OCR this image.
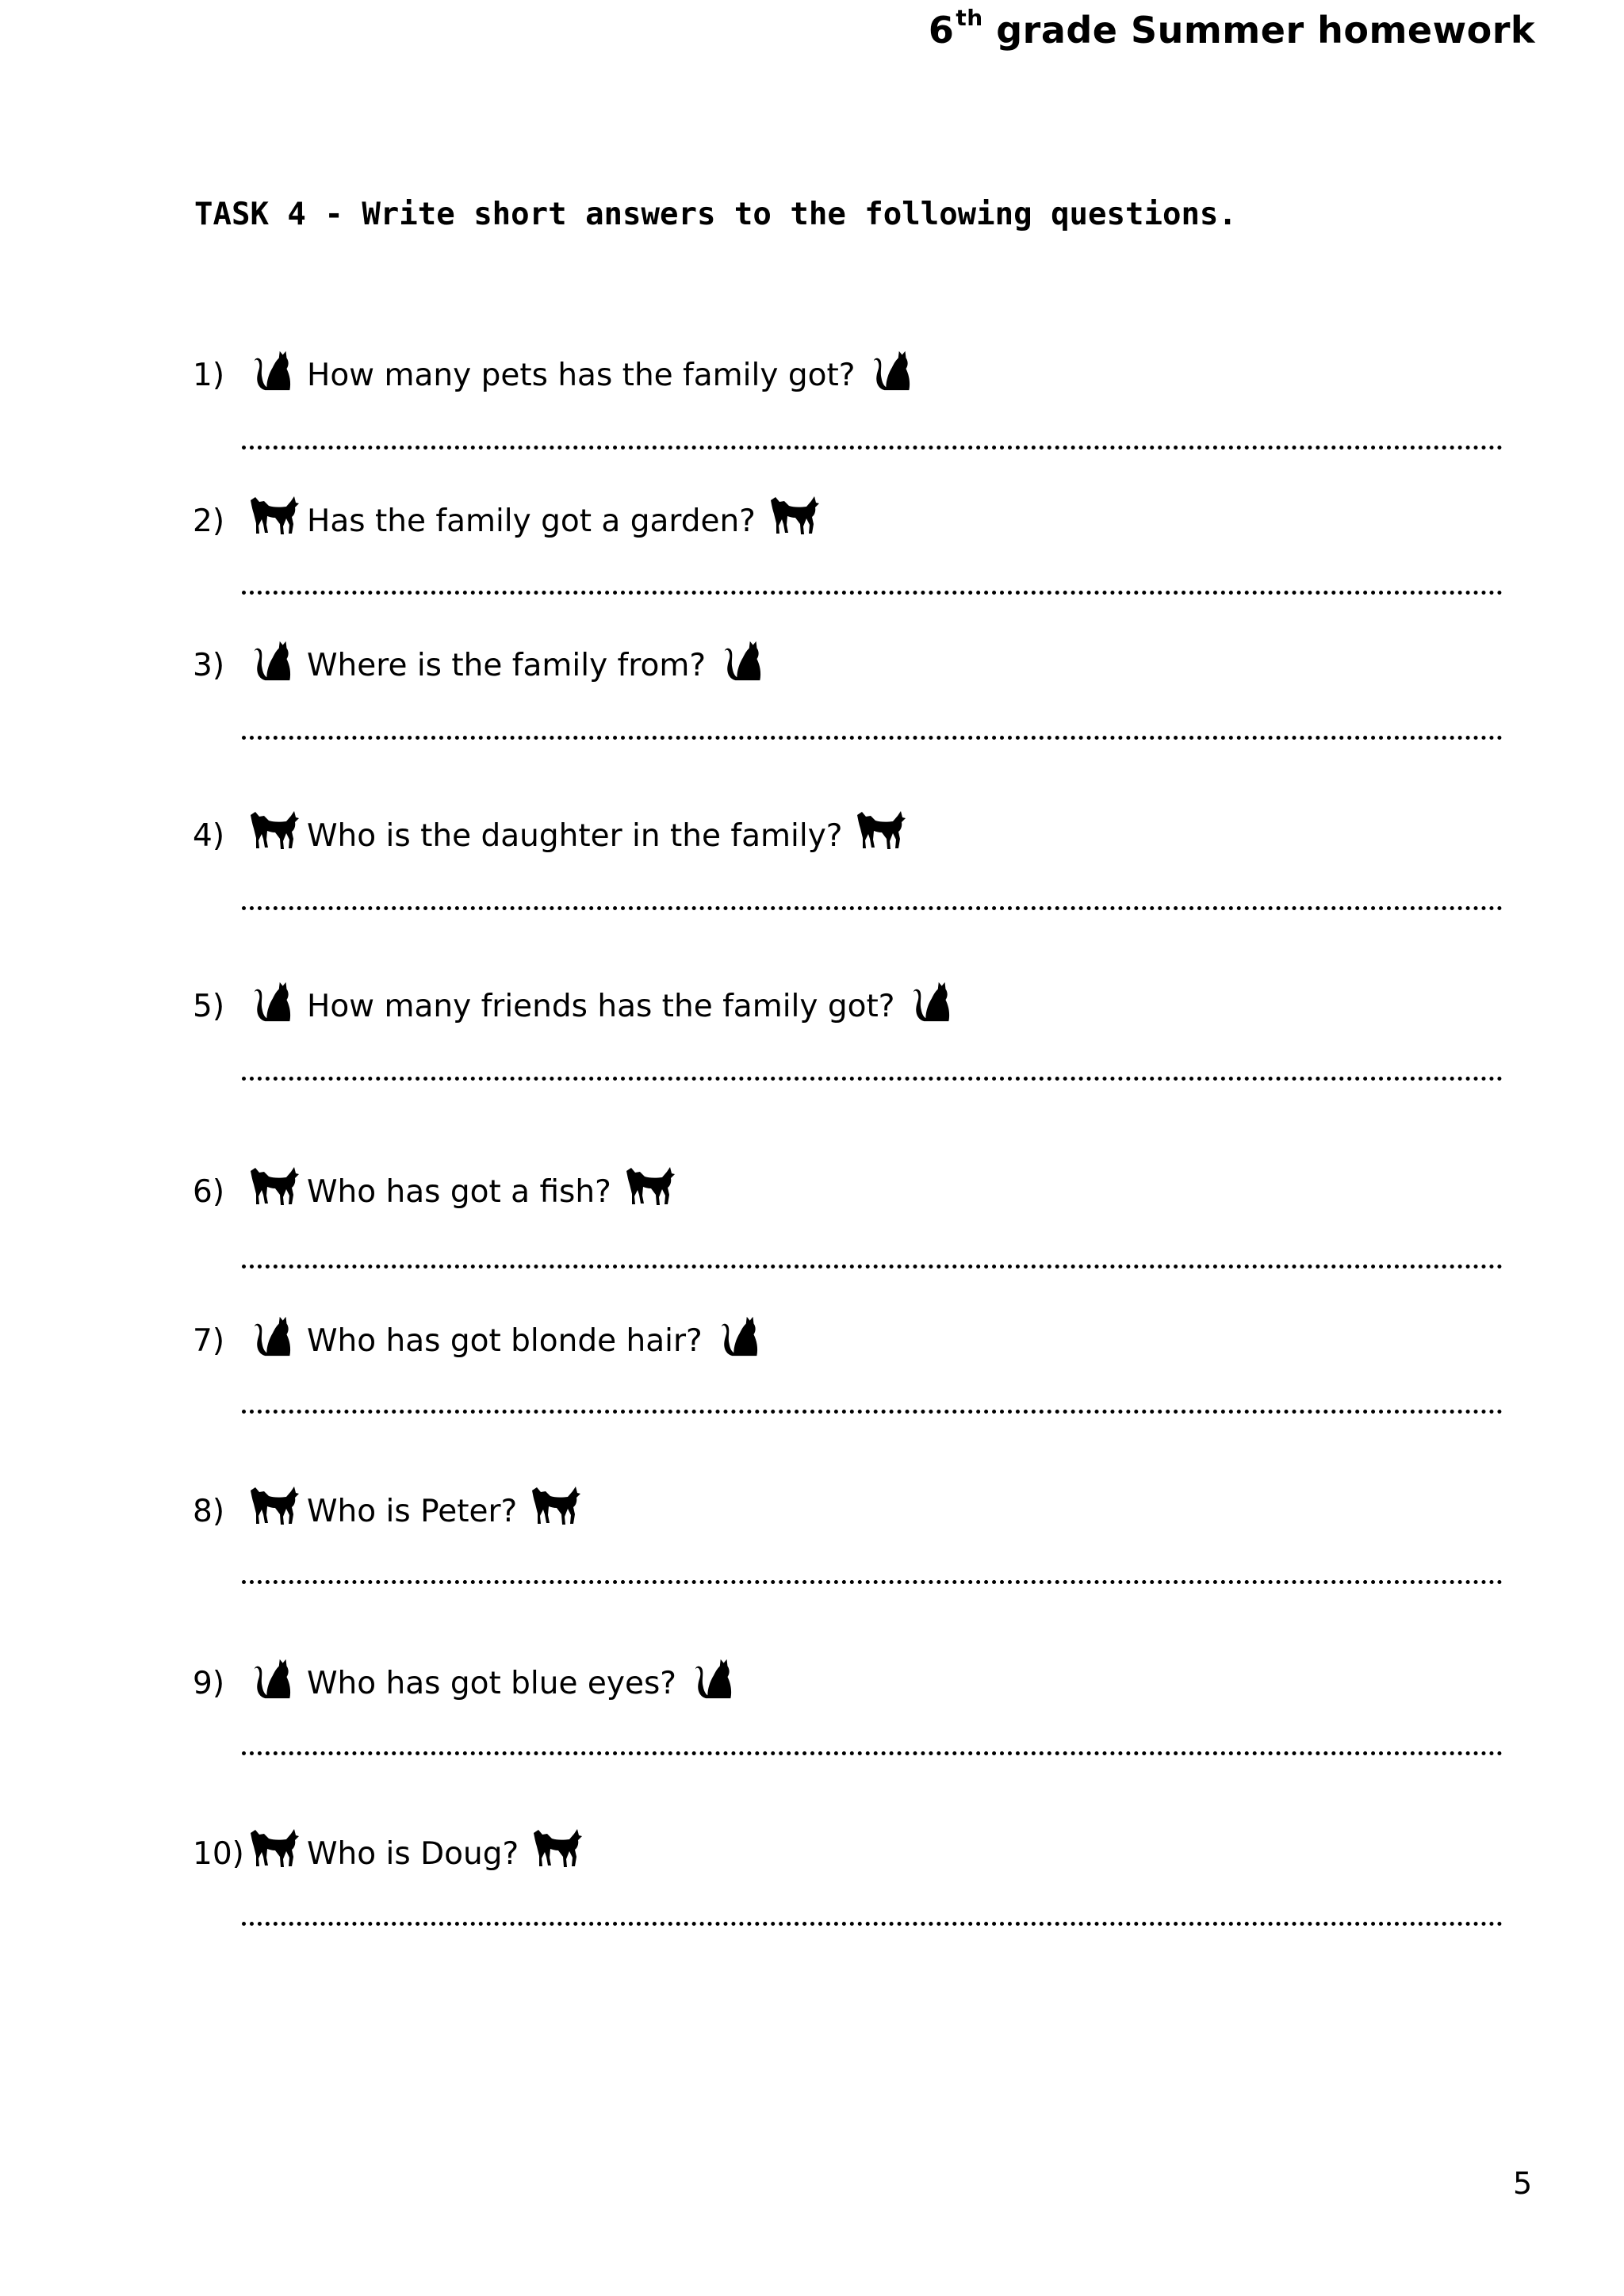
6th grade Summer homework
TASK 4 - Write short answers to the following questions.
1)	How many pets has the family got?
2)	Has the family got a garden?
3)	Where is the family from?
4)	Who is the daughter in the family?
5)	How many friends has the family got?
6)	Who has got a fish?
7)	Who has got blonde hair?
8)	Who is Peter?
9)	Who has got blue eyes?
10) Who is Doug?
5
